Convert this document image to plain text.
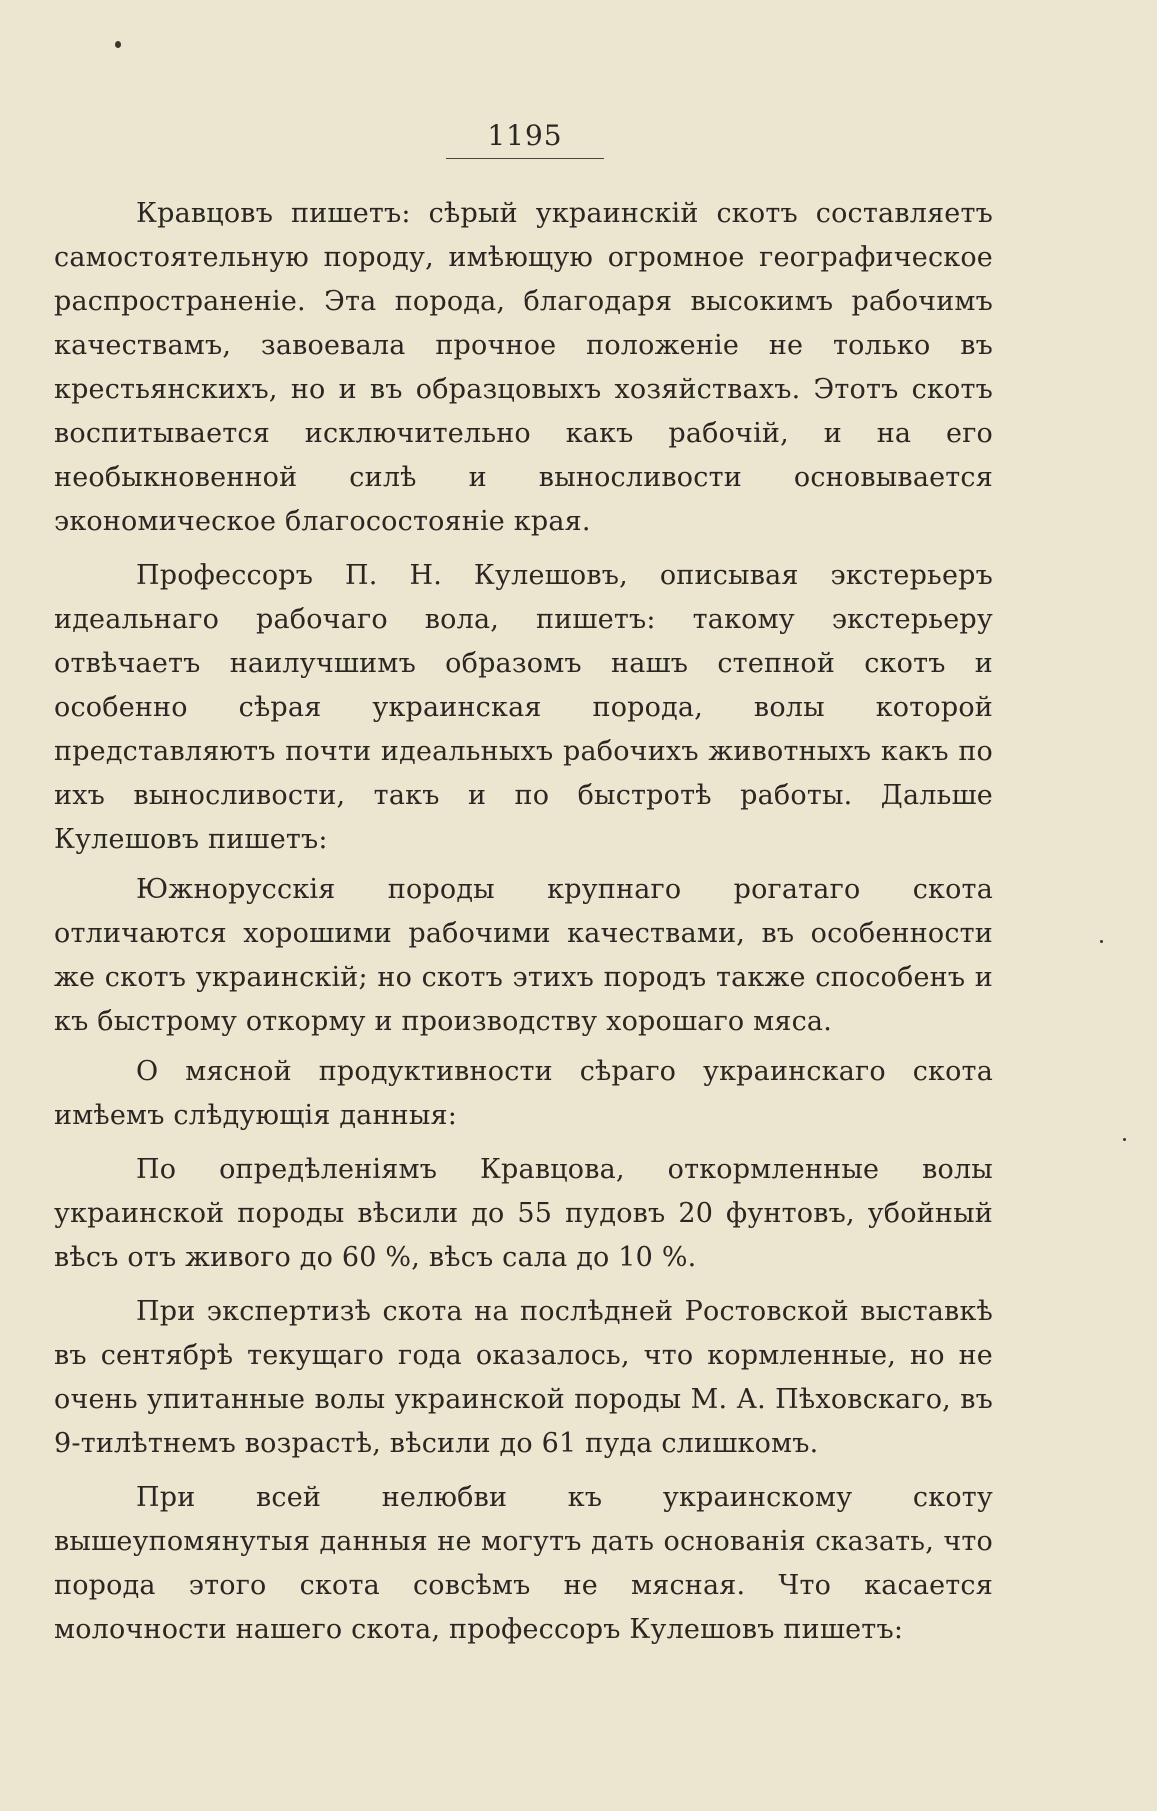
1195

Кравцовъ пишетъ: сѣрый украинскій скотъ составляетъ самостоятельную породу, имѣющую огромное географическое распространеніе. Эта порода, благодаря высокимъ рабочимъ качествамъ, завоевала прочное положеніе не только въ крестьянскихъ, но и въ образцовыхъ хозяйствахъ. Этотъ скотъ воспитывается исключительно какъ рабочій, и на его необыкновенной силѣ и выносливости основывается экономическое благосостояніе края.

Профессоръ П. Н. Кулешовъ, описывая экстерьеръ идеальнаго рабочаго вола, пишетъ: такому экстерьеру отвѣчаетъ наилучшимъ образомъ нашъ степной скотъ и особенно сѣрая украинская порода, волы которой представляютъ почти идеальныхъ рабочихъ животныхъ какъ по ихъ выносливости, такъ и по быстротѣ работы. Дальше Кулешовъ пишетъ:

Южнорусскія породы крупнаго рогатаго скота отличаются хорошими рабочими качествами, въ особенности же скотъ украинскій; но скотъ этихъ породъ также способенъ и къ быстрому откорму и производству хорошаго мяса.

О мясной продуктивности сѣраго украинскаго скота имѣемъ слѣдующія данныя:

По опредѣленіямъ Кравцова, откормленные волы украинской породы вѣсили до 55 пудовъ 20 фунтовъ, убойный вѣсъ отъ живого до 60 %, вѣсъ сала до 10 %.

При экспертизѣ скота на послѣдней Ростовской выставкѣ въ сентябрѣ текущаго года оказалось, что кормленные, но не очень упитанные волы украинской породы М. А. Пѣховскаго, въ 9-тилѣтнемъ возрастѣ, вѣсили до 61 пуда слишкомъ.

При всей нелюбви къ украинскому скоту вышеупомянутыя данныя не могутъ дать основанія сказать, что порода этого скота совсѣмъ не мясная. Что касается молочности нашего скота, профессоръ Кулешовъ пишетъ:
